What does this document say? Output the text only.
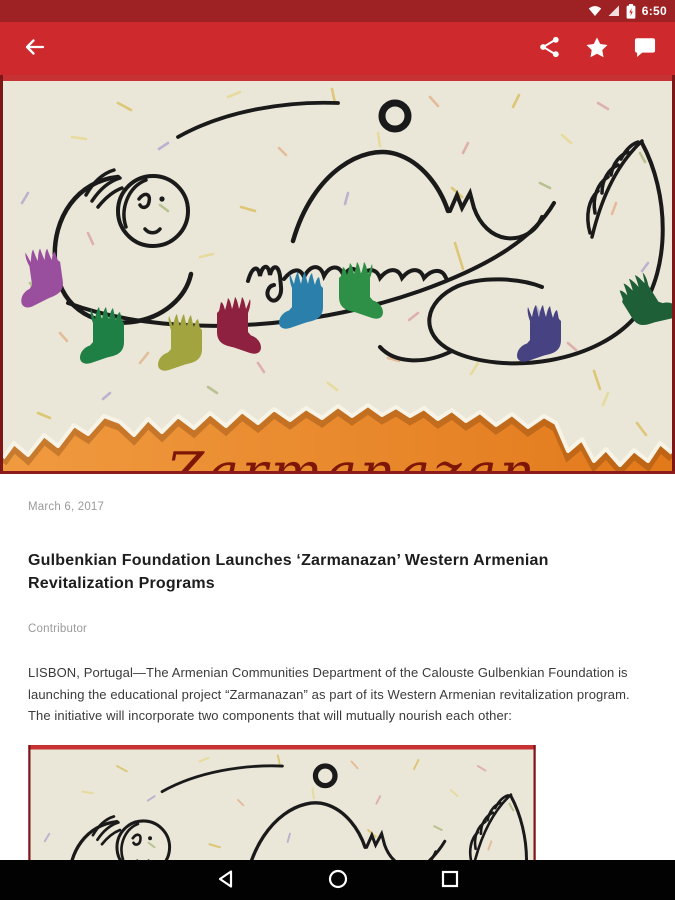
6:50
March 6, 2017
Gulbenkian Foundation Launches ‘Zarmanazan’ Western Armenian Revitalization Programs
Contributor

LISBON, Portugal—The Armenian Communities Department of the Calouste Gulbenkian Foundation is launching the educational project “Zarmanazan” as part of its Western Armenian revitalization program. The initiative will incorporate two components that will mutually nourish each other:
